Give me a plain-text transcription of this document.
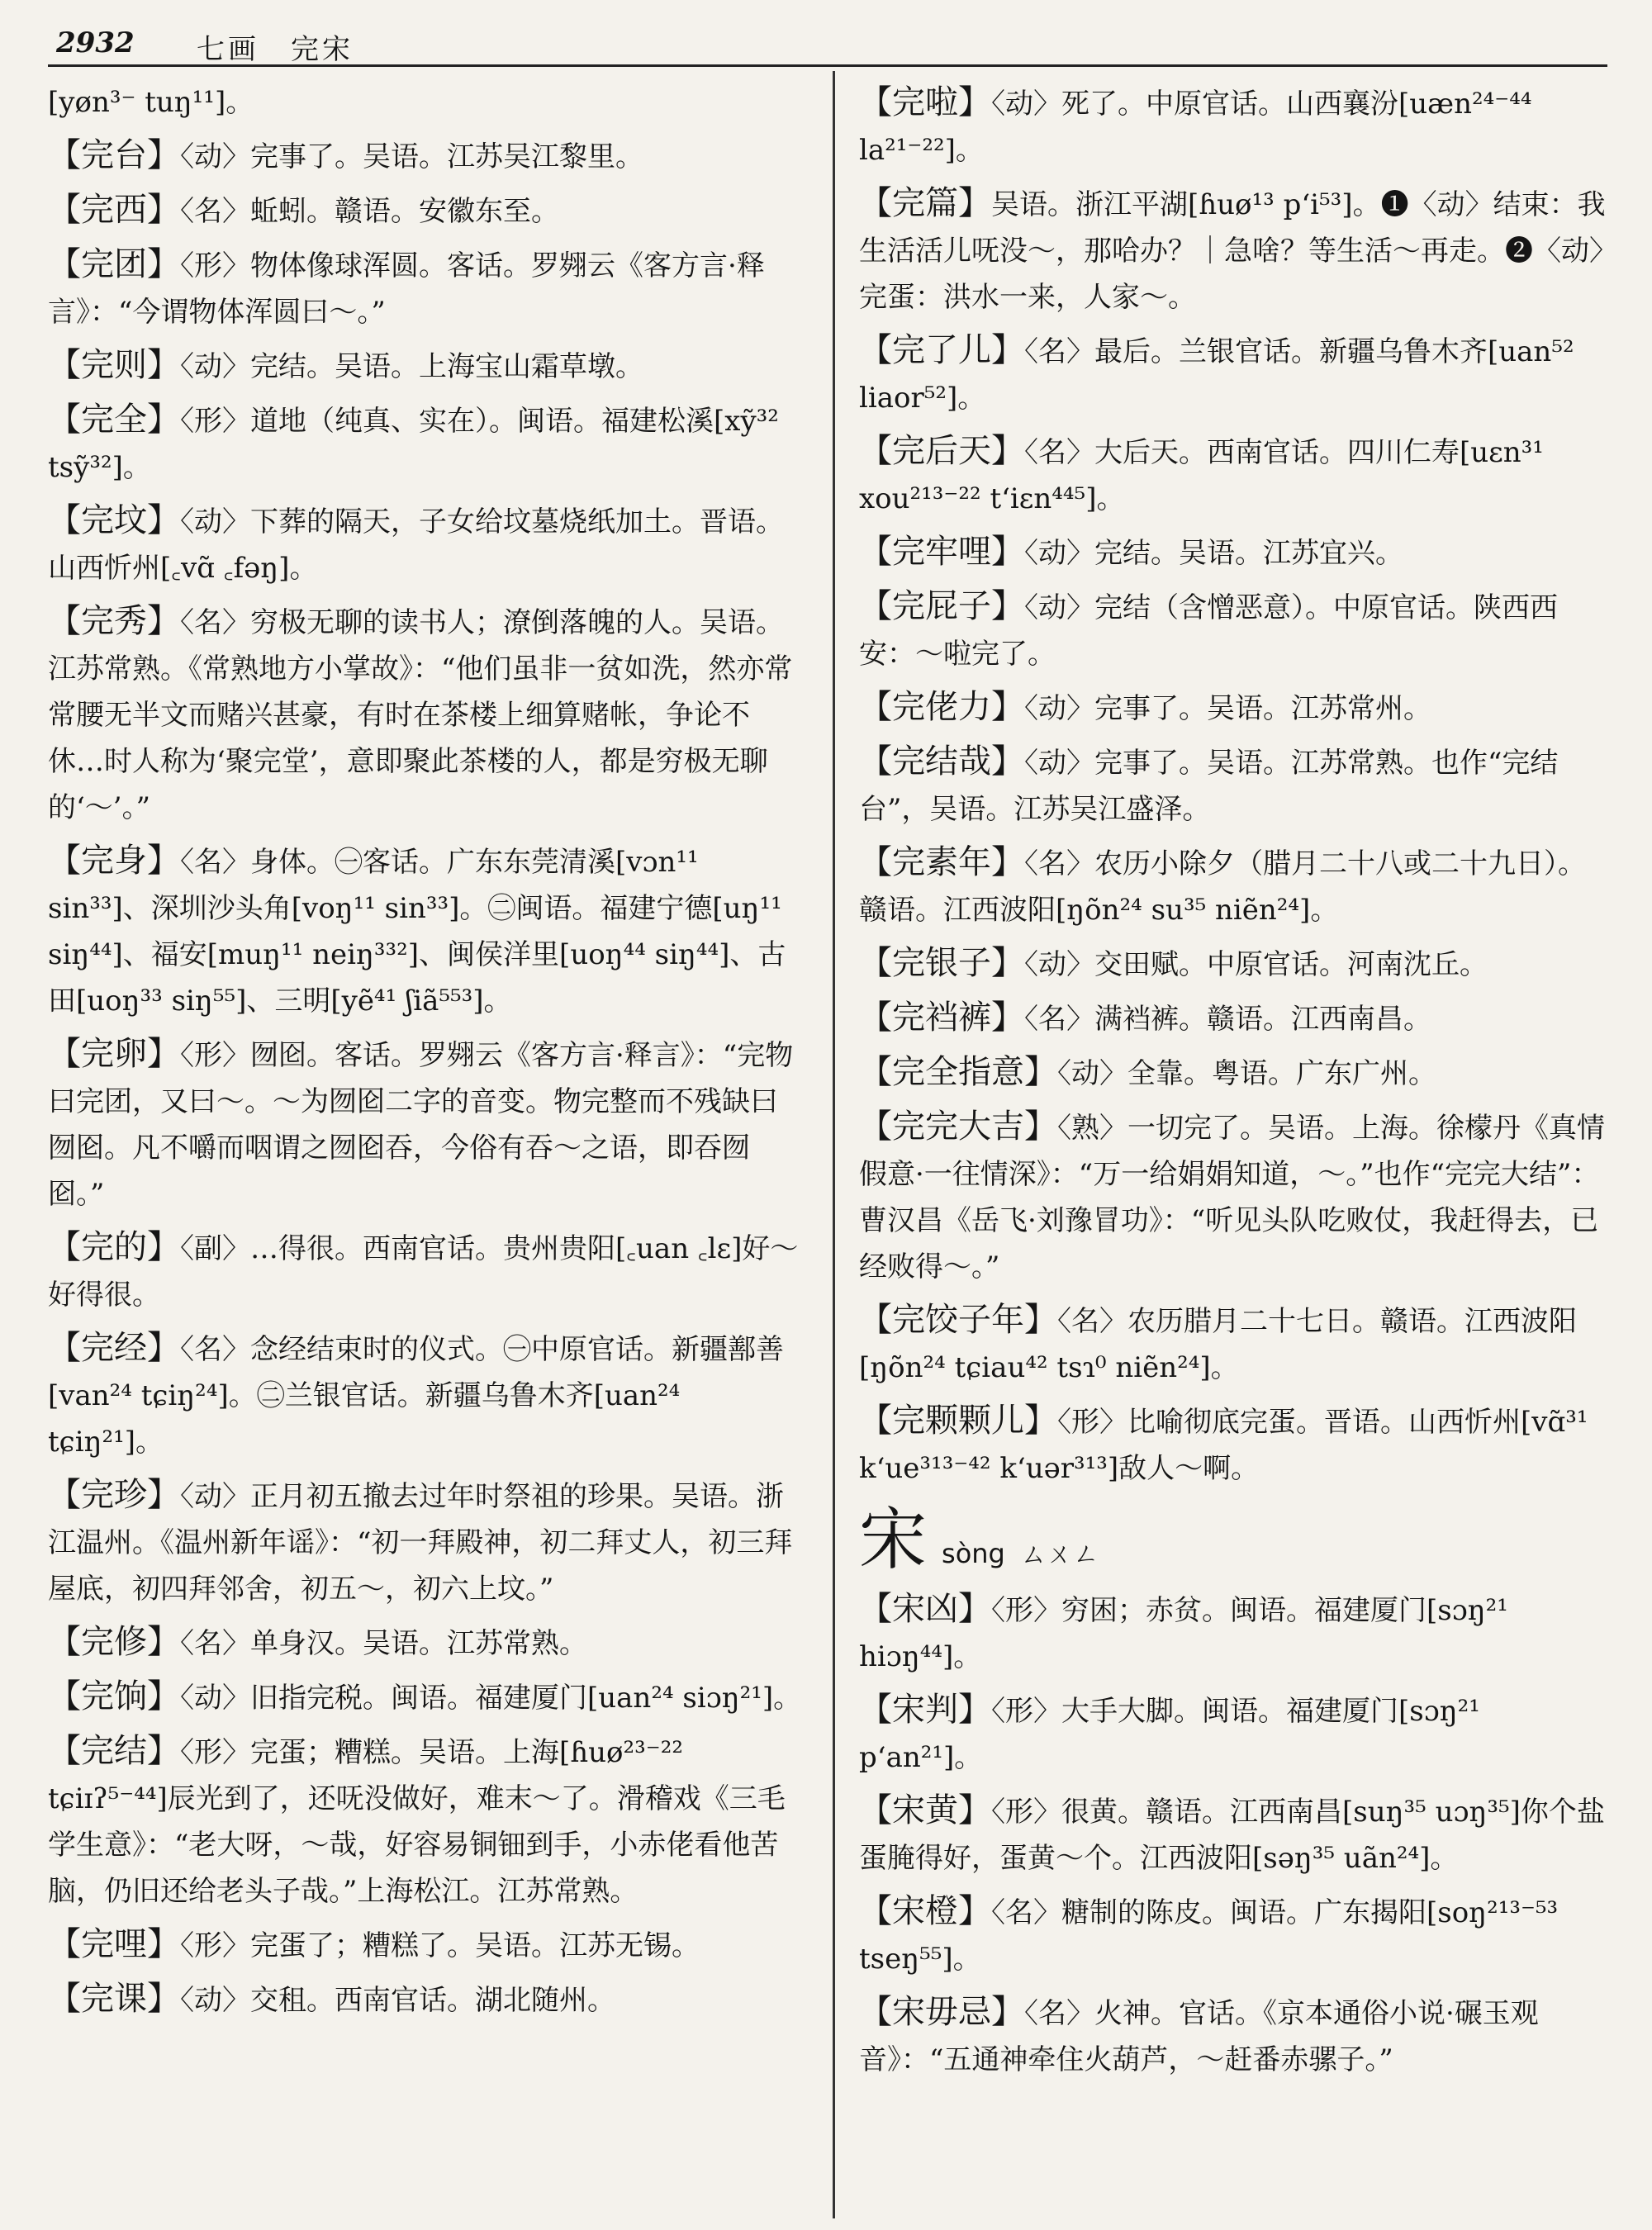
2932 七画　完宋
[yøn³⁻ tuŋ¹¹]。
【 完台 】 〈动〉完事了。吴语。江苏吴江黎里。
【 完西 】 〈名〉蚯蚓。赣语。安徽东至。
【 完团 】 〈形〉物体像球浑圆。客话。罗翙云《客方言·释言》：“今谓物体浑圆曰～。”
【 完则 】 〈动〉完结。吴语。上海宝山霜草墩。
【 完全 】 〈形〉道地（纯真、实在）。闽语。福建松溪[xỹ³² tsỹ³²]。
【 完坟 】 〈动〉下葬的隔天，子女给坟墓烧纸加土。晋语。山西忻州[꜀vɑ̃ ꜀fəŋ]。
【 完秀 】 〈名〉穷极无聊的读书人；潦倒落魄的人。吴语。江苏常熟。《常熟地方小掌故》：“他们虽非一贫如洗，然亦常常腰无半文而赌兴甚豪，有时在茶楼上细算赌帐，争论不休…时人称为‘聚完堂’，意即聚此茶楼的人，都是穷极无聊的‘～’。”
【 完身 】 〈名〉身体。㊀客话。广东东莞清溪[vɔn¹¹ sin³³]、深圳沙头角[voŋ¹¹ sin³³]。㊁闽语。福建宁德[uŋ¹¹ siŋ⁴⁴]、福安[muŋ¹¹ neiŋ³³²]、闽侯洋里[uoŋ⁴⁴ siŋ⁴⁴]、古田[uoŋ³³ siŋ⁵⁵]、三明[yẽ⁴¹ ʃiã⁵⁵³]。
【 完卵 】 〈形〉囫囵。客话。罗翙云《客方言·释言》：“完物曰完团，又曰～。～为囫囵二字的音变。物完整而不残缺曰囫囵。凡不嚼而咽谓之囫囵吞，今俗有吞～之语，即吞囫囵。”
【 完的 】 〈副〉…得很。西南官话。贵州贵阳[꜀uan ꜀lɛ]好～好得很。
【 完经 】 〈名〉念经结束时的仪式。㊀中原官话。新疆鄯善[van²⁴ tɕiŋ²⁴]。㊁兰银官话。新疆乌鲁木齐[uan²⁴ tɕiŋ²¹]。
【 完珍 】 〈动〉正月初五撤去过年时祭祖的珍果。吴语。浙江温州。《温州新年谣》：“初一拜殿神，初二拜丈人，初三拜屋底，初四拜邻舍，初五～，初六上坟。”
【 完修 】 〈名〉单身汉。吴语。江苏常熟。
【 完饷 】 〈动〉旧指完税。闽语。福建厦门[uan²⁴ siɔŋ²¹]。
【 完结 】 〈形〉完蛋；糟糕。吴语。上海[ɦuø²³⁻²² tɕiɪʔ⁵⁻⁴⁴]辰光到了，还呒没做好，难末～了。滑稽戏《三毛学生意》：“老大呀，～哉，好容易铜钿到手，小赤佬看他苦脑，仍旧还给老头子哉。”上海松江。江苏常熟。
【 完哩 】 〈形〉完蛋了；糟糕了。吴语。江苏无锡。
【 完课 】 〈动〉交租。西南官话。湖北随州。
【 完啦 】 〈动〉死了。中原官话。山西襄汾[uæn²⁴⁻⁴⁴ la²¹⁻²²]。
【 完篇 】 吴语。浙江平湖[ɦuø¹³ p‘i⁵³]。❶〈动〉结束：我生活活儿呒没～，那哈办？｜急啥？等生活～再走。❷〈动〉完蛋：洪水一来，人家～。
【 完了儿 】 〈名〉最后。兰银官话。新疆乌鲁木齐[uan⁵² liaor⁵²]。
【 完后天 】 〈名〉大后天。西南官话。四川仁寿[uɛn³¹ xou²¹³⁻²² t‘iɛn⁴⁴⁵]。
【 完牢哩 】 〈动〉完结。吴语。江苏宜兴。
【 完屁子 】 〈动〉完结（含憎恶意）。中原官话。陕西西安：～啦完了。
【 完佬力 】 〈动〉完事了。吴语。江苏常州。
【 完结哉 】 〈动〉完事了。吴语。江苏常熟。也作“完结台”，吴语。江苏吴江盛泽。
【 完素年 】 〈名〉农历小除夕（腊月二十八或二十九日）。赣语。江西波阳[ŋõn²⁴ su³⁵ niẽn²⁴]。
【 完银子 】 〈动〉交田赋。中原官话。河南沈丘。
【 完裆裤 】 〈名〉满裆裤。赣语。江西南昌。
【 完全指意 】 〈动〉全靠。粤语。广东广州。
【 完完大吉 】 〈熟〉一切完了。吴语。上海。徐檬丹《真情假意·一往情深》：“万一给娟娟知道，～。”也作“完完大结”：曹汉昌《岳飞·刘豫冒功》：“听见头队吃败仗，我赶得去，已经败得～。”
【 完饺子年 】 〈名〉农历腊月二十七日。赣语。江西波阳[ŋõn²⁴ tɕiau⁴² tsɿ⁰ niẽn²⁴]。
【 完颗颗儿 】 〈形〉比喻彻底完蛋。晋语。山西忻州[vɑ̃³¹ k‘ue³¹³⁻⁴² k‘uər³¹³]敌人～啊。
宋sòng ㄙㄨㄥ
【 宋凶 】 〈形〉穷困；赤贫。闽语。福建厦门[sɔŋ²¹ hiɔŋ⁴⁴]。
【 宋判 】 〈形〉大手大脚。闽语。福建厦门[sɔŋ²¹ p‘an²¹]。
【 宋黄 】 〈形〉很黄。赣语。江西南昌[suŋ³⁵ uɔŋ³⁵]你个盐蛋腌得好，蛋黄～个。江西波阳[səŋ³⁵ uãn²⁴]。
【 宋橙 】 〈名〉糖制的陈皮。闽语。广东揭阳[soŋ²¹³⁻⁵³ tseŋ⁵⁵]。
【 宋毋忌 】 〈名〉火神。官话。《京本通俗小说·碾玉观音》：“五通神牵住火葫芦，～赶番赤骡子。”
